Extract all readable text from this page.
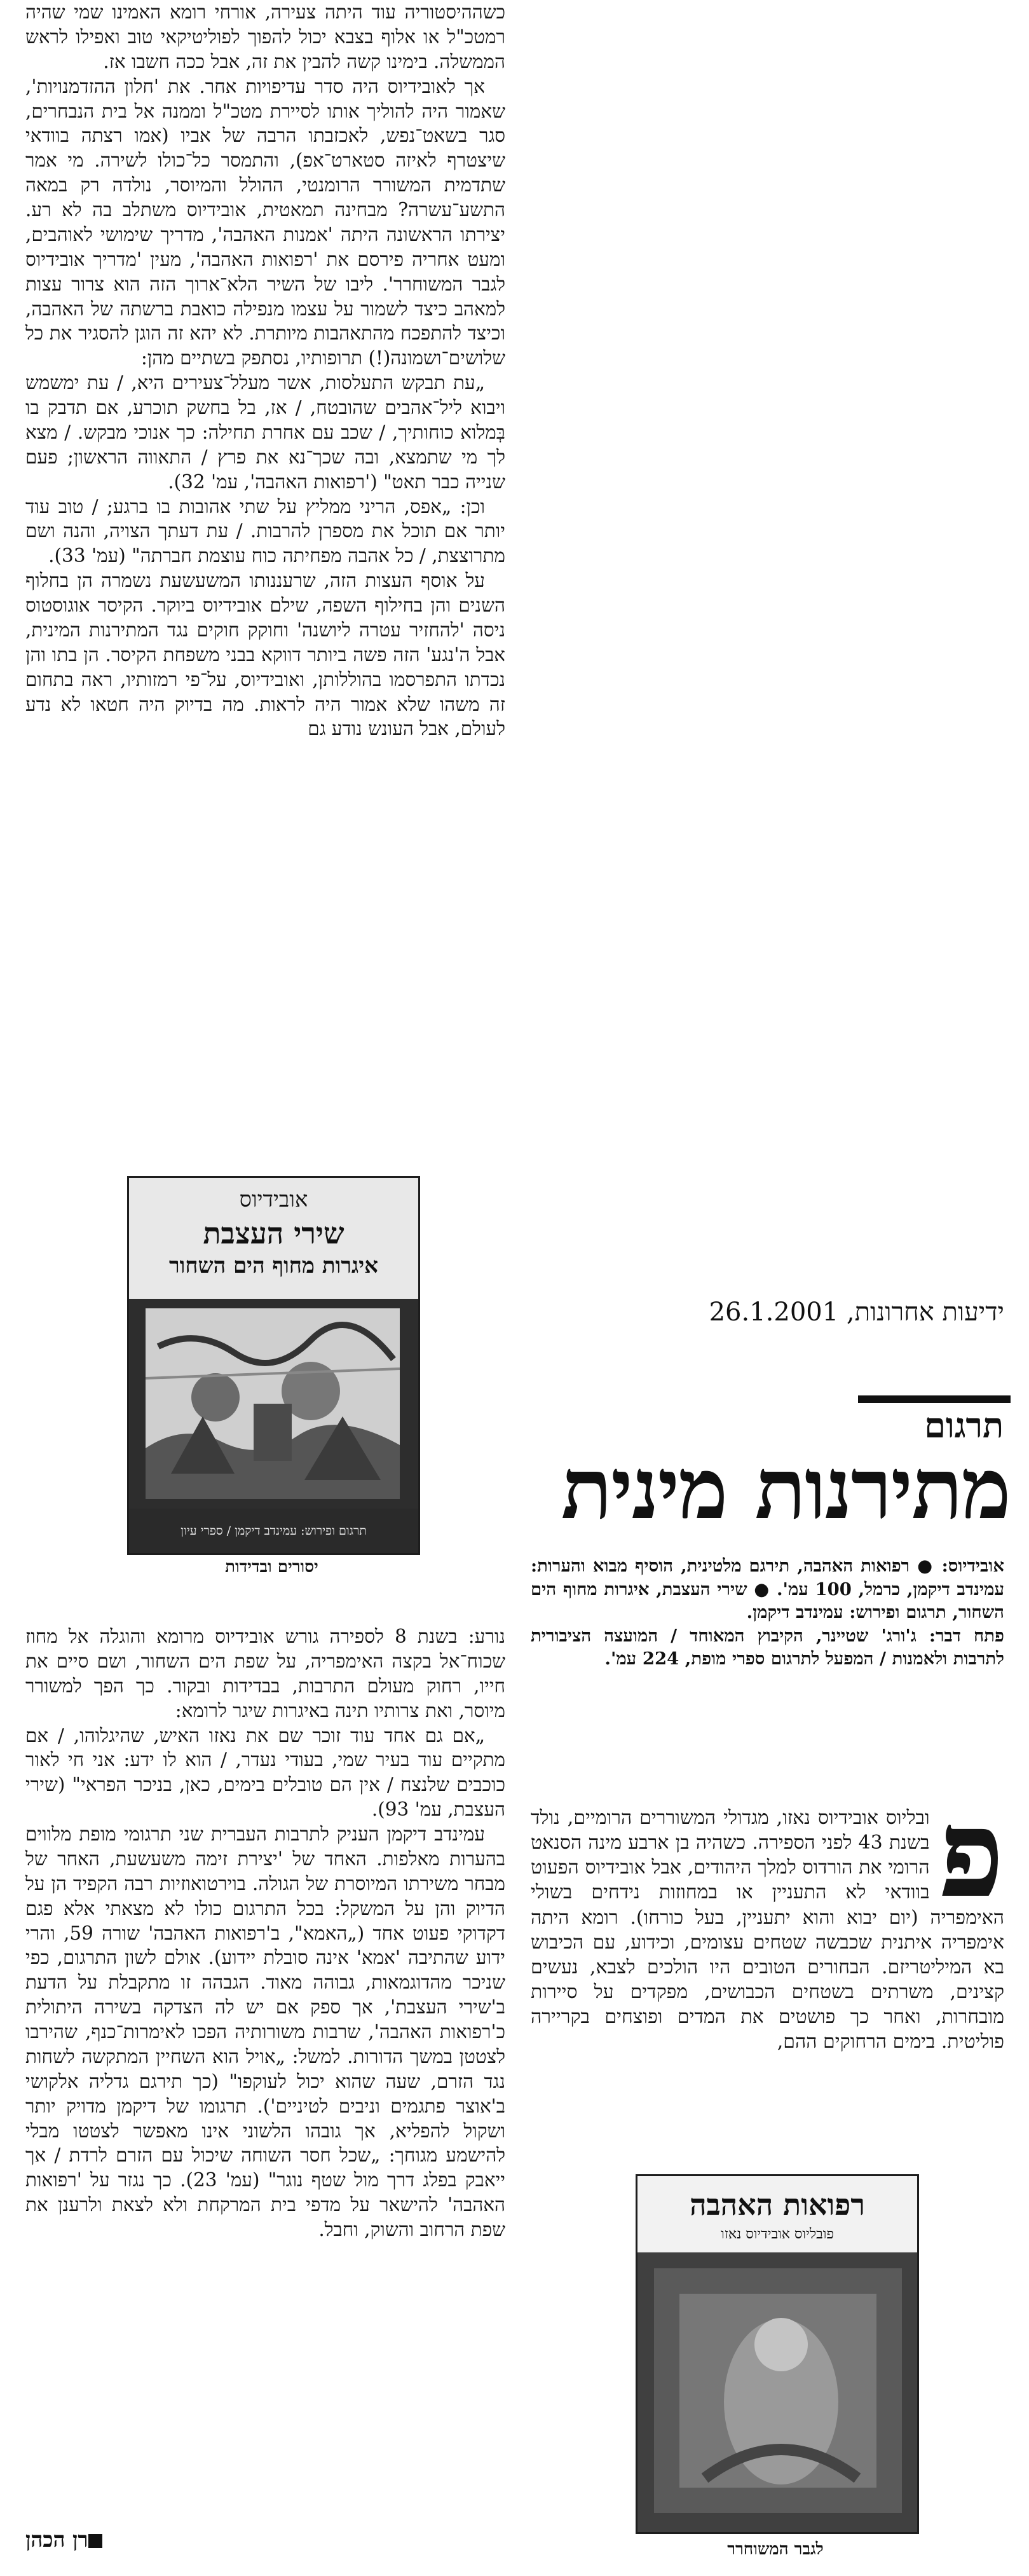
כשההיסטוריה עוד היתה צעירה, אורחי רומא האמינו שמי שהיה רמטכ"ל או אלוף בצבא יכול להפוך לפוליטיקאי טוב ואפילו לראש הממשלה. בימינו קשה להבין את זה, אבל ככה חשבו אז.

אך לאובידיוס היה סדר עדיפויות אחר. את 'חלון ההזדמנויות', שאמור היה להוליך אותו לסיירת מטכ"ל וממנה אל בית הנבחרים, סגר בשאט־נפש, לאכזבתו הרבה של אביו (אמו רצתה בוודאי שיצטרף לאיזה סטארט־אפ), והתמסר כל־כולו לשירה. מי אמר שתדמית המשורר הרומנטי, ההולל והמיוסר, נולדה רק במאה התשע־עשרה? מבחינה תמאטית, אובידיוס משתלב בה לא רע. יצירתו הראשונה היתה 'אמנות האהבה', מדריך שימושי לאוהבים, ומעט אחריה פירסם את 'רפואות האהבה', מעין 'מדריך אובידיוס לגבר המשוחרר'. ליבו של השיר הלא־ארוך הזה הוא צרור עצות למאהב כיצד לשמור על עצמו מנפילה כואבת ברשתה של האהבה, וכיצד להתפכח מהתאהבות מיותרת. לא יהא זה הוגן להסגיר את כל שלושים־ושמונה(!) תרופותיו, נסתפק בשתיים מהן:

„עת תבקש התעלסות, אשר מעלל־צעירים היא, / עת ימשמש ויבוא ליל־אהבים שהובטח, / אז, בל בחשק תוכרע, אם תדבק בו בְּמלוא כוחותיך, / שכב עם אחרת תחילה: כך אנוכי מבקש. / מצא לך מי שתמצא, ובה שכך־נא את פרץ / התאווה הראשון; פעם שנייה כבר תאט" ('רפואות האהבה', עמ' 32).

וכן: „אפס, הריני ממליץ על שתי אהובות בו ברגע; / טוב עוד יותר אם תוכל את מספרן להרבות. / עת דעתך הצויה, והנה ושם מתרוצצת, / כל אהבה מפחיתה כוח עוצמת חברתה" (עמ' 33).

על אוסף העצות הזה, שרעננותו המשעשעת נשמרה הן בחלוף השנים והן בחילוף השפה, שילם אובידיוס ביוקר. הקיסר אוגוסטוס ניסה 'להחזיר עטרה ליושנה' וחוקק חוקים נגד המתירנות המינית, אבל ה'נגע' הזה פשה ביותר דווקא בבני משפחת הקיסר. הן בתו והן נכדתו התפרסמו בהוללותן, ואובידיוס, על־פי רמזותיו, ראה בתחום זה משהו שלא אמור היה לראות. מה בדיוק היה חטאו לא נדע לעולם, אבל העונש נודע גם

אובידיוס
שירי העצבת
איגרות מחוף הים השחור
תרגום ופירוש: עמינדב דיקמן / ספרי עיון
יסורים ובדידות

נורע: בשנת 8 לספירה גורש אובידיוס מרומא והוגלה אל מחוז שכוח־אל בקצה האימפריה, על שפת הים השחור, ושם סיים את חייו, רחוק מעולם התרבות, בבדידות ובקור. כך הפך למשורר מיוסר, ואת צרותיו תינה באיגרות שיגר לרומא:

„אם גם אחד עוד זוכר שם את נאזו האיש, שהיגלוהו, / אם מתקיים עוד בעיר שמי, בעודי נעדר, / הוא לו ידע: אני חי לאור כוכבים שלנצח / אין הם טובלים בימים, כאן, בניכר הפראי" (שירי העצבת, עמ' 93).

עמינדב דיקמן העניק לתרבות העברית שני תרגומי מופת מלווים בהערות מאלפות. האחד של 'יצירת זימה משעשעת, האחר של מבחר משירתו המיוסרת של הגולה. בוירטואוזיות רבה הקפיד הן על הדיוק והן על המשקל: בכל התרגום כולו לא מצאתי אלא פגם דקדוקי פעוט אחד („האמא", ב'רפואות האהבה' שורה 59, והרי ידוע שהתיבה 'אמא' אינה סובלת יידוע). אולם לשון התרגום, כפי שניכר מהדוגמאות, גבוהה מאוד. הגבהה זו מתקבלת על הדעת ב'שירי העצבת', אך ספק אם יש לה הצדקה בשירה היתולית כ'רפואות האהבה', שרבות משורותיה הפכו לאימרות־כנף, שהירבו לצטטן במשך הדורות. למשל: „אויל הוא השחיין המתקשה לשחות נגד הזרם, שעה שהוא יכול לעוקפו" (כך תירגם גדליה אלקושי ב'אוצר פתגמים וניבים לטיניים'). תרגומו של דיקמן מדויק יותר ושקול להפליא, אך גובהו הלשוני אינו מאפשר לצטטו מבלי להישמע מגוחך: „שכל חסר השוחה שיכול עם הזרם לרדת / אך ייאבק בפלג דרך מול שטף נוגר" (עמ' 23). כך נגזר על 'רפואות האהבה' להישאר על מדפי בית המרקחת ולא לצאת ולרענן את שפת הרחוב והשוק, וחבל.

רן הכהן
ידיעות אחרונות, 26.1.2001
תרגום
מתירנות מינית

אובידיוס: ● רפואות האהבה, תירגם מלטינית, הוסיף מבוא והערות: עמינדב דיקמן, כרמל, 100 עמ'. ● שירי העצבת, איגרות מחוף הים השחור, תרגום ופירוש: עמינדב דיקמן.

פתח דבר: ג'ורג' שטיינר, הקיבוץ המאוחד / המועצה הציבורית לתרבות ולאמנות / המפעל לתרגום ספרי מופת, 224 עמ'.

פ

ובליוס אובידיוס נאזו, מגדולי המשוררים הרומיים, נולד בשנת 43 לפני הספירה. כשהיה בן ארבע מינה הסנאט הרומי את הורדוס למלך היהודים, אבל אובידיוס הפעוט בוודאי לא התעניין או במחוזות נידחים בשולי האימפריה (יום יבוא והוא יתעניין, בעל כורחו). רומא היתה אימפריה איתנית שכבשה שטחים עצומים, וכידוע, עם הכיבוש בא המיליטריזם. הבחורים הטובים היו הולכים לצבא, נעשים קצינים, משרתים בשטחים הכבושים, מפקדים על סיירות מובחרות, ואחר כך פושטים את המדים ופוצחים בקריירה פוליטית. בימים הרחוקים ההם,

רפואות האהבה
פובליוס אובידיוס נאזו
לגבר המשוחרר
